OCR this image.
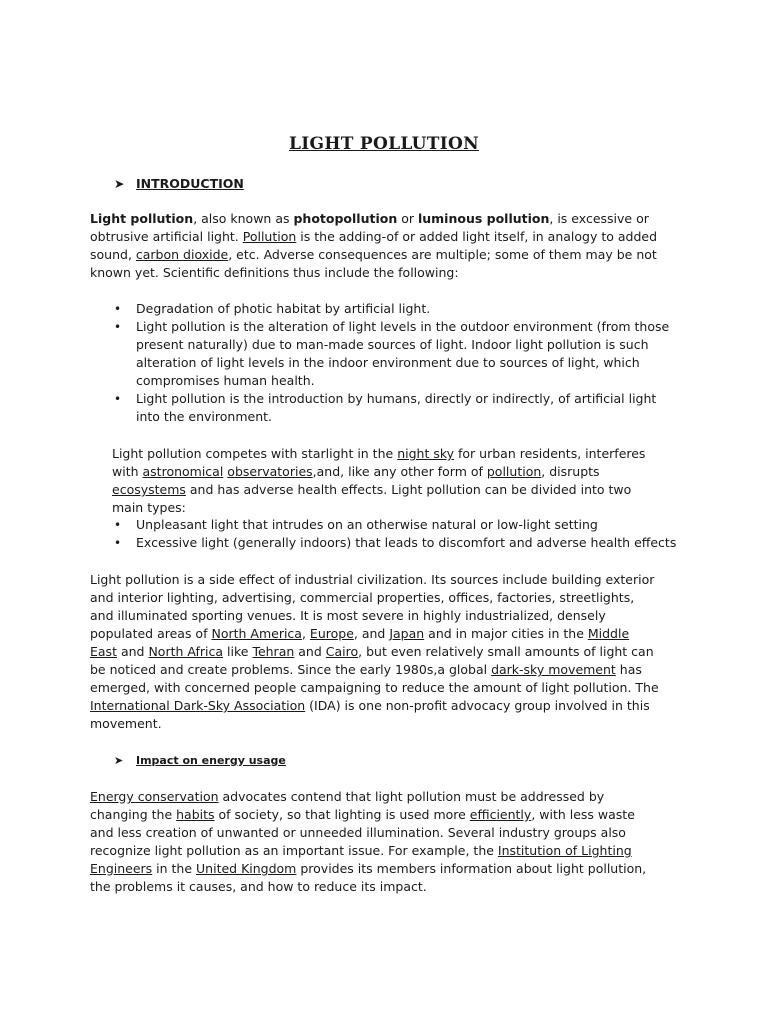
LIGHT POLLUTION
➤ INTRODUCTION

Light pollution, also known as photopollution or luminous pollution, is excessive or obtrusive artificial light. Pollution is the adding-of or added light itself, in analogy to added sound, carbon dioxide, etc. Adverse consequences are multiple; some of them may be not known yet. Scientific definitions thus include the following:

• Degradation of photic habitat by artificial light.
• Light pollution is the alteration of light levels in the outdoor environment (from those present naturally) due to man-made sources of light. Indoor light pollution is such alteration of light levels in the indoor environment due to sources of light, which compromises human health.
• Light pollution is the introduction by humans, directly or indirectly, of artificial light into the environment.

Light pollution competes with starlight in the night sky for urban residents, interferes with astronomical observatories,and, like any other form of pollution, disrupts ecosystems and has adverse health effects. Light pollution can be divided into two main types:

• Unpleasant light that intrudes on an otherwise natural or low-light setting
• Excessive light (generally indoors) that leads to discomfort and adverse health effects

Light pollution is a side effect of industrial civilization. Its sources include building exterior and interior lighting, advertising, commercial properties, offices, factories, streetlights, and illuminated sporting venues. It is most severe in highly industrialized, densely populated areas of North America, Europe, and Japan and in major cities in the Middle East and North Africa like Tehran and Cairo, but even relatively small amounts of light can be noticed and create problems. Since the early 1980s,a global dark-sky movement has emerged, with concerned people campaigning to reduce the amount of light pollution. The International Dark-Sky Association (IDA) is one non-profit advocacy group involved in this movement.

➤ Impact on energy usage

Energy conservation advocates contend that light pollution must be addressed by changing the habits of society, so that lighting is used more efficiently, with less waste and less creation of unwanted or unneeded illumination. Several industry groups also recognize light pollution as an important issue. For example, the Institution of Lighting Engineers in the United Kingdom provides its members information about light pollution, the problems it causes, and how to reduce its impact.
